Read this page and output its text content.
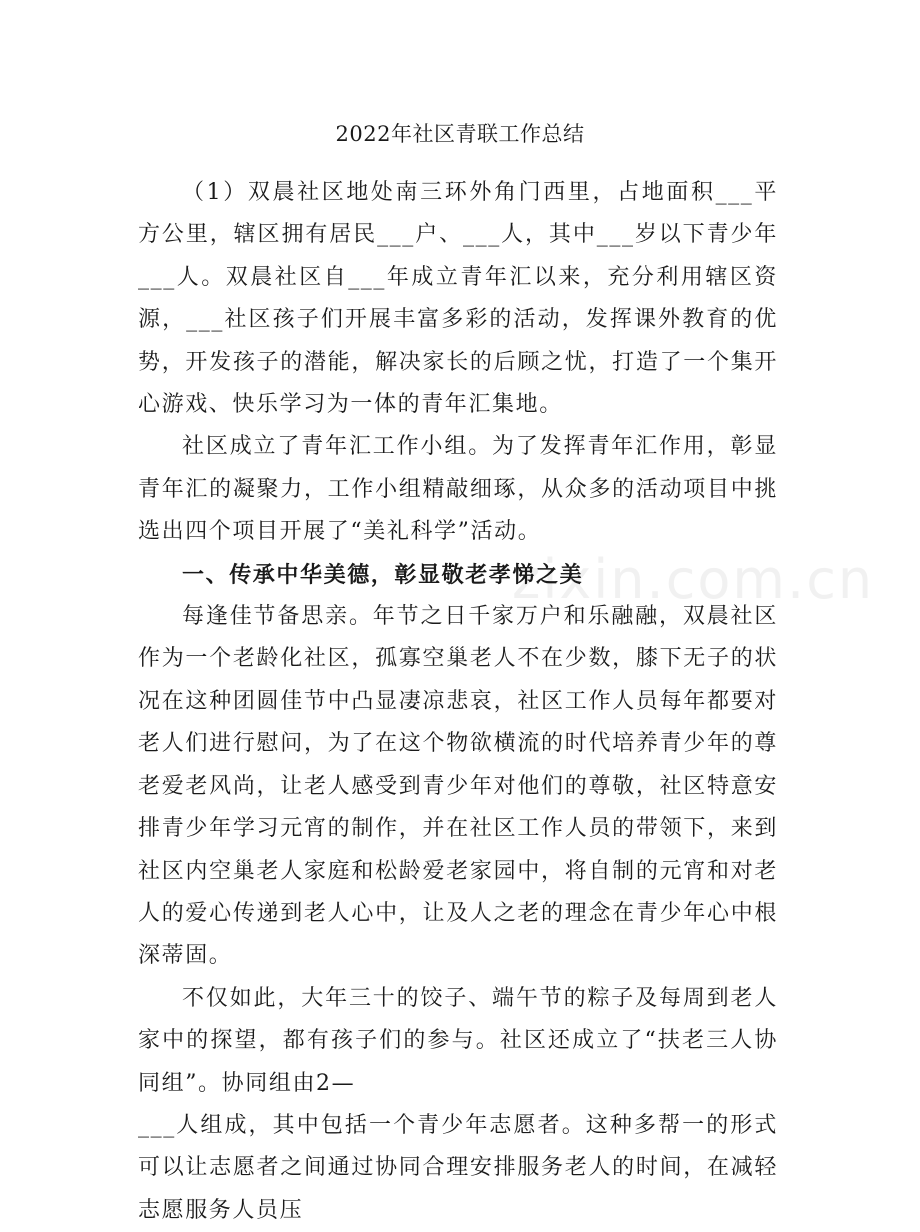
zixin.com.cn
2022年社区青联工作总结

（1）双晨社区地处南三环外角门西里，占地面积___平方公里，辖区拥有居民___户、___人，其中___岁以下青少年___人。双晨社区自___年成立青年汇以来，充分利用辖区资源，___社区孩子们开展丰富多彩的活动，发挥课外教育的优势，开发孩子的潜能，解决家长的后顾之忧，打造了一个集开心游戏、快乐学习为一体的青年汇集地。

社区成立了青年汇工作小组。为了发挥青年汇作用，彰显青年汇的凝聚力，工作小组精敲细琢，从众多的活动项目中挑选出四个项目开展了“美礼科学”活动。

一、传承中华美德，彰显敬老孝悌之美

每逢佳节备思亲。年节之日千家万户和乐融融，双晨社区作为一个老龄化社区，孤寡空巢老人不在少数，膝下无子的状况在这种团圆佳节中凸显凄凉悲哀，社区工作人员每年都要对老人们进行慰问，为了在这个物欲横流的时代培养青少年的尊老爱老风尚，让老人感受到青少年对他们的尊敬，社区特意安排青少年学习元宵的制作，并在社区工作人员的带领下，来到社区内空巢老人家庭和松龄爱老家园中，将自制的元宵和对老人的爱心传递到老人心中，让及人之老的理念在青少年心中根深蒂固。

不仅如此，大年三十的饺子、端午节的粽子及每周到老人家中的探望，都有孩子们的参与。社区还成立了“扶老三人协同组”。协同组由2—

___人组成，其中包括一个青少年志愿者。这种多帮一的形式可以让志愿者之间通过协同合理安排服务老人的时间，在减轻志愿服务人员压
